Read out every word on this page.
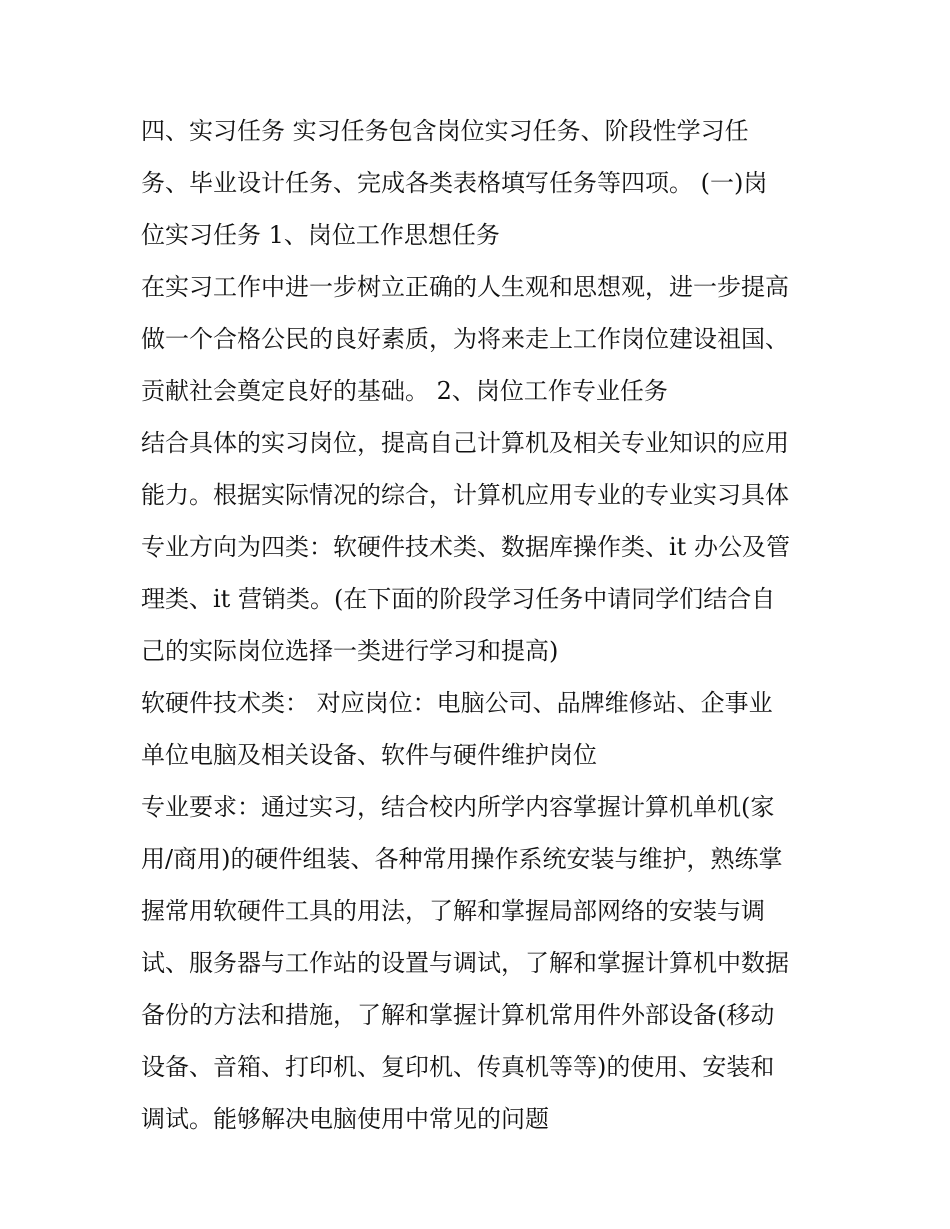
四、实习任务 实习任务包含岗位实习任务、阶段性学习任
务、毕业设计任务、完成各类表格填写任务等四项。 (一)岗
位实习任务 1、岗位工作思想任务
在实习工作中进一步树立正确的人生观和思想观，进一步提高
做一个合格公民的良好素质，为将来走上工作岗位建设祖国、
贡献社会奠定良好的基础。 2、岗位工作专业任务
结合具体的实习岗位，提高自己计算机及相关专业知识的应用
能力。根据实际情况的综合，计算机应用专业的专业实习具体
专业方向为四类：软硬件技术类、数据库操作类、it 办公及管
理类、it 营销类。(在下面的阶段学习任务中请同学们结合自
己的实际岗位选择一类进行学习和提高)
软硬件技术类： 对应岗位：电脑公司、品牌维修站、企事业
单位电脑及相关设备、软件与硬件维护岗位
专业要求：通过实习，结合校内所学内容掌握计算机单机(家
用/商用)的硬件组装、各种常用操作系统安装与维护，熟练掌
握常用软硬件工具的用法，了解和掌握局部网络的安装与调
试、服务器与工作站的设置与调试，了解和掌握计算机中数据
备份的方法和措施，了解和掌握计算机常用件外部设备(移动
设备、音箱、打印机、复印机、传真机等等)的使用、安装和
调试。能够解决电脑使用中常见的问题
